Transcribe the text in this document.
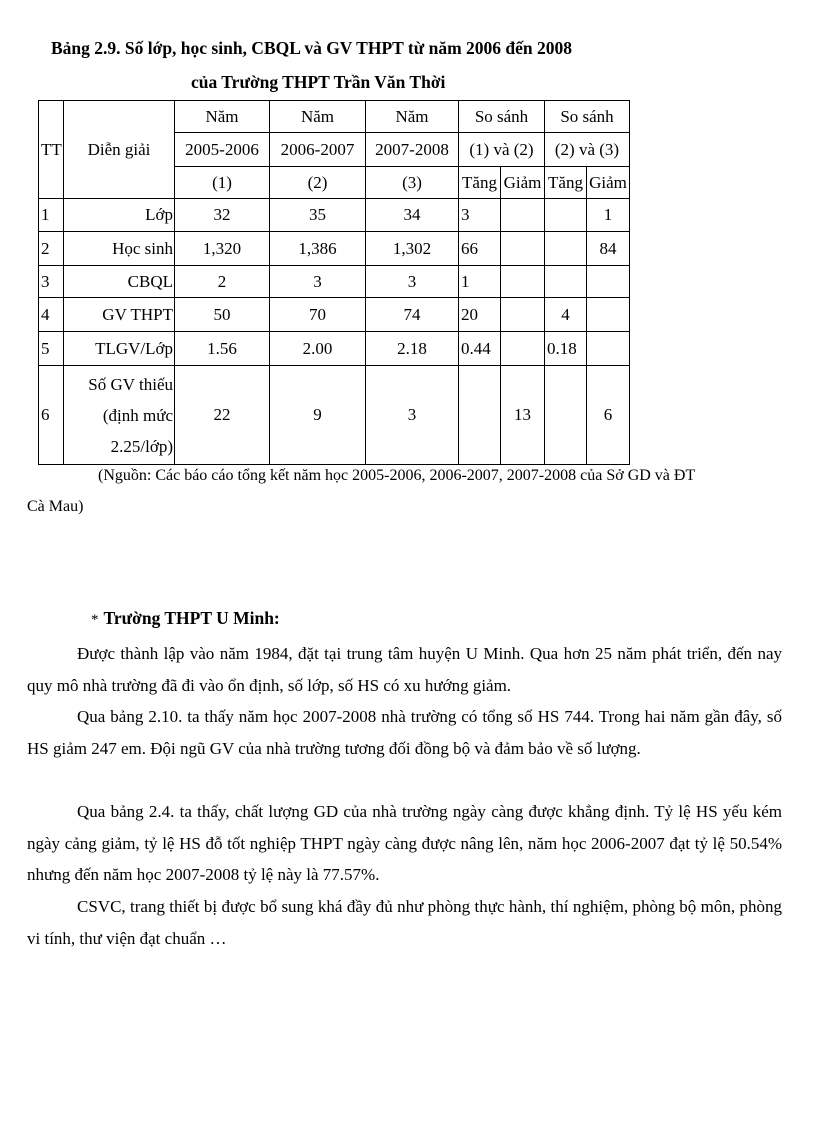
Bảng 2.9. Số lớp, học sinh, CBQL và GV THPT từ năm 2006 đến 2008
của Trường THPT Trần Văn Thời
TT	Diễn giải	Năm	Năm	Năm	So sánh		So sánh	
		2005-2006	2006-2007	2007-2008	(1) và (2)		(2) và (3)	
		(1)	(2)	(3)	Tăng	Giảm	Tăng	Giảm
1	Lớp	32	35	34	3			1
2	Học sinh	1,320	1,386	1,302	66			84
3	CBQL	2	3	3	1			
4	GV THPT	50	70	74	20		4	
5	TLGV/Lớp	1.56	2.00	2.18	0.44		0.18	
6	Số GV thiếu
(định mức
2.25/lớp)	22	9	3		13		6
(Nguồn: Các báo cáo tổng kết năm học 2005-2006, 2006-2007, 2007-2008 của Sở GD và ĐT
Cà Mau)
* Trường THPT U Minh:
Được thành lập vào năm 1984, đặt tại trung tâm huyện U Minh. Qua hơn 25 năm phát triển, đến nay quy mô nhà trường đã đi vào ổn định, số lớp, số HS có xu hướng giảm.
Qua bảng 2.10. ta thấy năm học 2007-2008 nhà trường có tổng số HS 744. Trong hai năm gần đây, số HS giảm 247 em. Đội ngũ GV của nhà trường tương đối đồng bộ và đảm bảo về số lượng.
Qua bảng 2.4. ta thấy, chất lượng GD của nhà trường ngày càng được khẳng định. Tỷ lệ HS yếu kém ngày cảng giảm, tỷ lệ HS đỗ tốt nghiệp THPT ngày càng được nâng lên, năm học 2006-2007 đạt tỷ lệ 50.54% nhưng đến năm học 2007-2008 tỷ lệ này là 77.57%.
CSVC, trang thiết bị được bổ sung khá đầy đủ như phòng thực hành, thí nghiệm, phòng bộ môn, phòng vi tính, thư viện đạt chuẩn …
